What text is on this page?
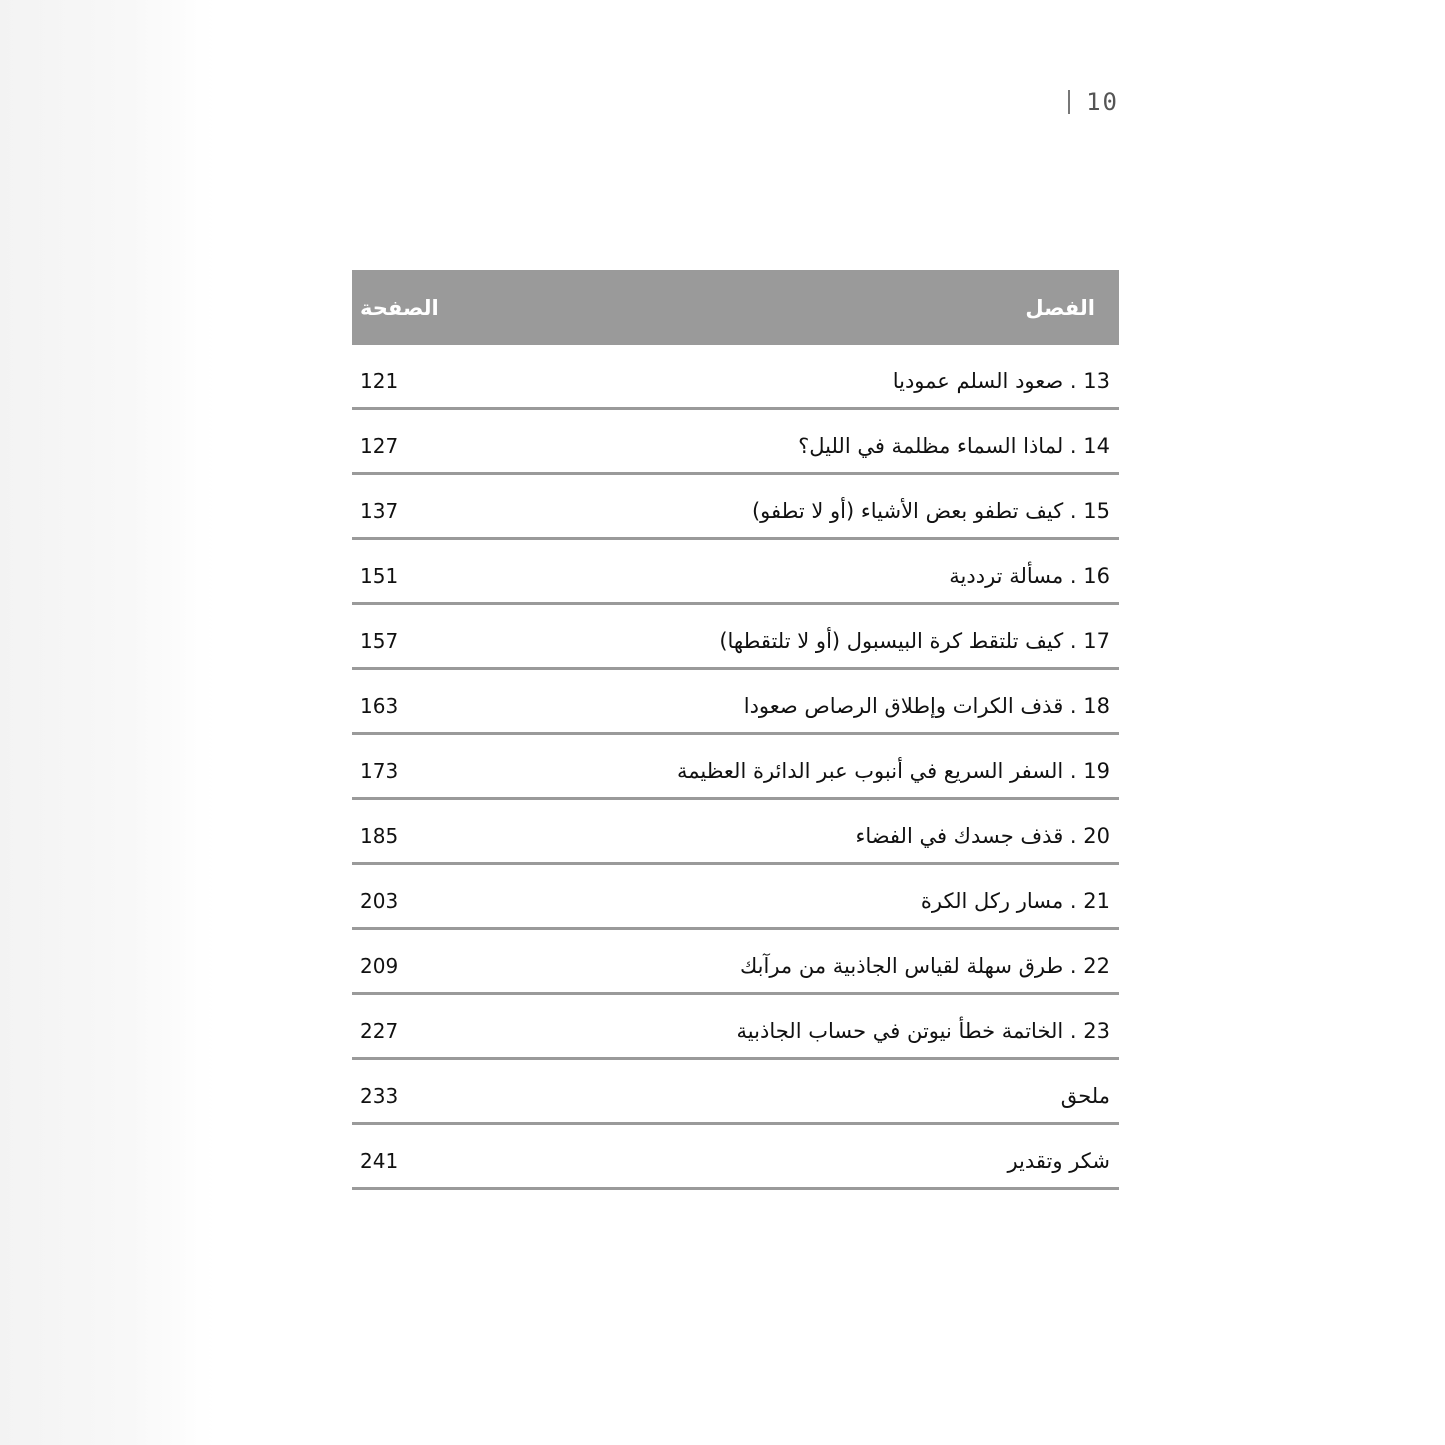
10
الفصل
الصفحة
13 . صعود السلم عموديا
121
14 . لماذا السماء مظلمة في الليل؟
127
15 . كيف تطفو بعض الأشياء (أو لا تطفو)
137
16 . مسألة ترددية
151
17 . كيف تلتقط كرة البيسبول (أو لا تلتقطها)
157
18 . قذف الكرات وإطلاق الرصاص صعودا
163
19 . السفر السريع في أنبوب عبر الدائرة العظيمة
173
20 . قذف جسدك في الفضاء
185
21 . مسار ركل الكرة
203
22 . طرق سهلة لقياس الجاذبية من مرآبك
209
23 . الخاتمة خطأ نيوتن في حساب الجاذبية
227
ملحق
233
شكر وتقدير
241
